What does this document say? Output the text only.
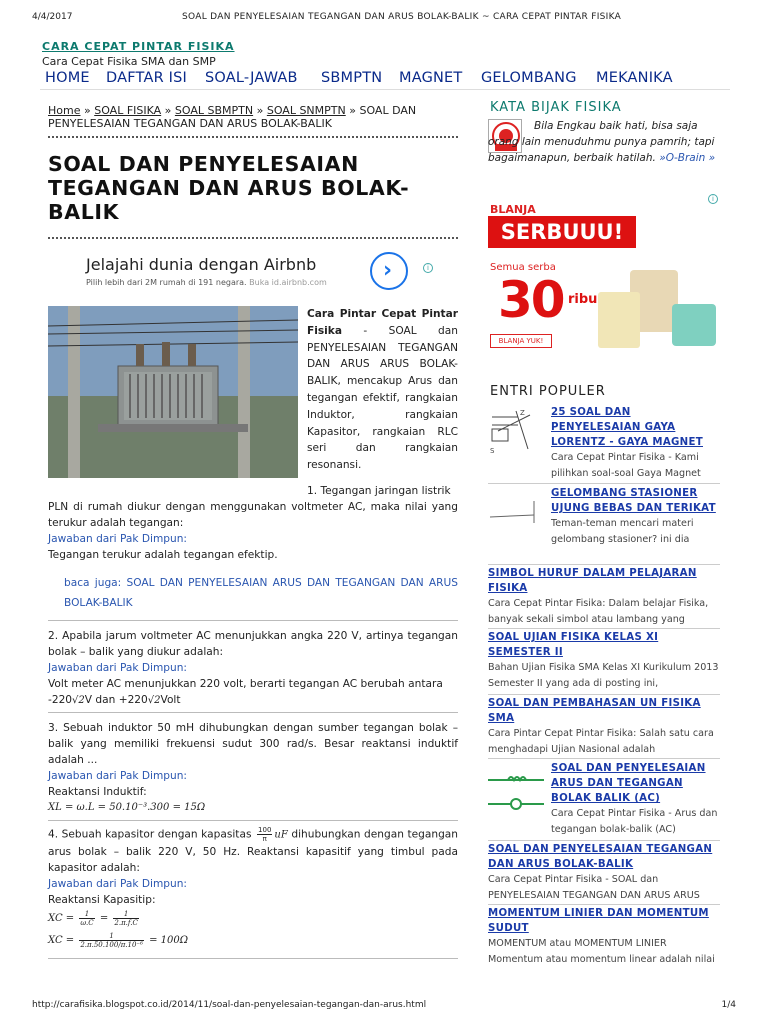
4/4/2017	SOAL DAN PENYELESAIAN TEGANGAN DAN ARUS BOLAK-BALIK ~ CARA CEPAT PINTAR FISIKA
http://carafisika.blogspot.co.id/2014/11/soal-dan-penyelesaian-tegangan-dan-arus.html	1/4
CARA CEPAT PINTAR FISIKA
Cara Cepat Fisika SMA dan SMP
HOME DAFTAR ISI SOAL-JAWAB SBMPTN MAGNET GELOMBANG MEKANIKA
Home » SOAL FISIKA » SOAL SBMPTN » SOAL SNMPTN » SOAL DAN PENYELESAIAN TEGANGAN DAN ARUS BOLAK-BALIK
SOAL DAN PENYELESAIAN
TEGANGAN DAN ARUS BOLAK-
BALIK
Jelajahi dunia dengan Airbnb
Pilih lebih dari 2M rumah di 191 negara. Buka id.airbnb.com	›	i
Cara Pintar Cepat Pintar Fisika - SOAL dan PENYELESAIAN TEGANGAN DAN ARUS ARUS BOLAK-BALIK, mencakup Arus dan tegangan efektif, rangkaian Induktor, rangkaian Kapasitor, rangkaian RLC seri dan rangkaian resonansi.
1. Tegangan jaringan listrik
PLN di rumah diukur dengan menggunakan voltmeter AC, maka nilai yang terukur adalah tegangan:
Jawaban dari Pak Dimpun:
Tegangan terukur adalah tegangan efektip.
baca juga: SOAL DAN PENYELESAIAN ARUS DAN TEGANGAN DAN ARUS BOLAK-BALIK
2. Apabila jarum voltmeter AC menunjukkan angka 220 V, artinya tegangan bolak – balik yang diukur adalah:
Jawaban dari Pak Dimpun:
Volt meter AC menunjukkan 220 volt, berarti tegangan AC berubah antara
-220√2V dan +220√2Volt
3. Sebuah induktor 50 mH dihubungkan dengan sumber tegangan bolak – balik yang memiliki frekuensi sudut 300 rad/s. Besar reaktansi induktif adalah ...
Jawaban dari Pak Dimpun:
Reaktansi Induktif:
XL = ω.L = 50.10⁻³.300 = 15Ω
4. Sebuah kapasitor dengan kapasitas $\frac{100}{\pi}$ uF dihubungkan dengan tegangan arus bolak – balik 220 V, 50 Hz. Reaktansi kapasitif yang timbul pada kapasitor adalah:
Jawaban dari Pak Dimpun:
Reaktansi Kapasitip:
XC = $\frac{1}{\omega.C} = \frac{1}{2.\pi.f.C}$
XC = $\frac{1}{\text{2.π.50.100/π.10⁻⁶}} = 100\Omega$
KATA BIJAK FISIKA
Bila Engkau baik hati, bisa saja orang lain menuduhmu punya pamrih; tapi bagaimanapun, berbaik hatilah. »O-Brain »
BLANJA
i
SERBUUU!
Semua serba
30 ribu
BLANJA YUK!
ENTRI POPULER
S
Z	25 SOAL DAN PENYELESAIAN GAYA LORENTZ - GAYA MAGNET
Cara Cepat Pintar Fisika - Kami pilihkan soal-soal Gaya Magnet
GELOMBANG STASIONER UJUNG BEBAS DAN TERIKAT
Teman-teman mencari materi gelombang stasioner? ini dia
SIMBOL HURUF DALAM PELAJARAN FISIKA
Cara Cepat Pintar Fisika: Dalam belajar Fisika, banyak sekali simbol atau lambang yang
SOAL UJIAN FISIKA KELAS XI SEMESTER II
Bahan Ujian Fisika SMA Kelas XI Kurikulum 2013 Semester II yang ada di posting ini,
SOAL DAN PEMBAHASAN UN FISIKA SMA
Cara Pintar Cepat Pintar Fisika: Salah satu cara menghadapi Ujian Nasional adalah
SOAL DAN PENYELESAIAN ARUS DAN TEGANGAN BOLAK BALIK (AC)
Cara Cepat Pintar Fisika - Arus dan tegangan bolak-balik (AC)
SOAL DAN PENYELESAIAN TEGANGAN DAN ARUS BOLAK-BALIK
Cara Cepat Pintar Fisika - SOAL dan PENYELESAIAN TEGANGAN DAN ARUS ARUS
MOMENTUM LINIER DAN MOMENTUM SUDUT
MOMENTUM atau MOMENTUM LINIER Momentum atau momentum linear adalah nilai
